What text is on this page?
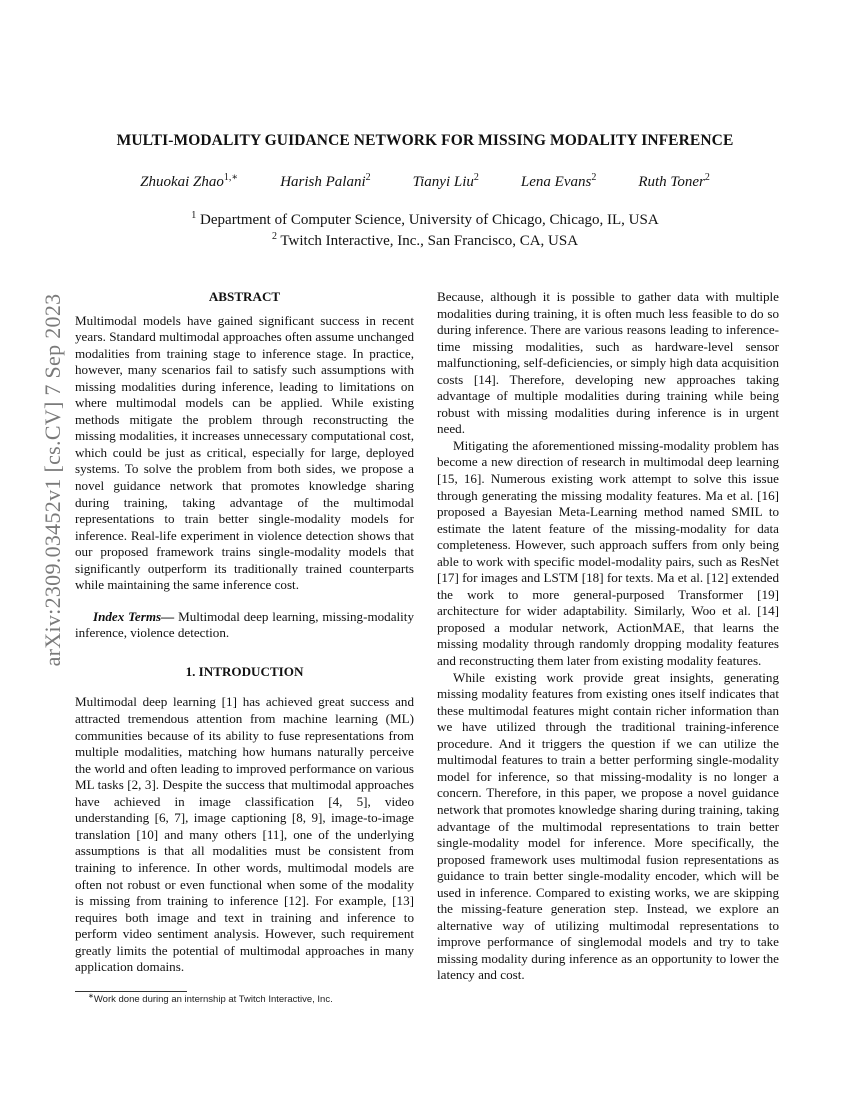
arXiv:2309.03452v1 [cs.CV] 7 Sep 2023
MULTI-MODALITY GUIDANCE NETWORK FOR MISSING MODALITY INFERENCE
Zhuokai Zhao$^{1,∗}$	Harish Palani$^2$	Tianyi Liu$^2$	Lena Evans$^2$	Ruth Toner$^2$
$^1$ Department of Computer Science, University of Chicago, Chicago, IL, USA
$^2$ Twitch Interactive, Inc., San Francisco, CA, USA
ABSTRACT

Multimodal models have gained significant success in recent years. Standard multimodal approaches often assume unchanged modalities from training stage to inference stage. In practice, however, many scenarios fail to satisfy such assumptions with missing modalities during inference, leading to limitations on where multimodal models can be applied. While existing methods mitigate the problem through reconstructing the missing modalities, it increases unnecessary computational cost, which could be just as critical, especially for large, deployed systems. To solve the problem from both sides, we propose a novel guidance network that promotes knowledge sharing during training, taking advantage of the multimodal representations to train better single-modality models for inference. Real-life experiment in violence detection shows that our proposed framework trains single-modality models that significantly outperform its traditionally trained counterparts while maintaining the same inference cost.

Index Terms— Multimodal deep learning, missing-modality inference, violence detection.

1. INTRODUCTION

Multimodal deep learning [1] has achieved great success and attracted tremendous attention from machine learning (ML) communities because of its ability to fuse representations from multiple modalities, matching how humans naturally perceive the world and often leading to improved performance on various ML tasks [2, 3]. Despite the success that multimodal approaches have achieved in image classification [4, 5], video understanding [6, 7], image captioning [8, 9], image-to-image translation [10] and many others [11], one of the underlying assumptions is that all modalities must be consistent from training to inference. In other words, multimodal models are often not robust or even functional when some of the modality is missing from training to inference [12]. For example, [13] requires both image and text in training and inference to perform video sentiment analysis. However, such requirement greatly limits the potential of multimodal approaches in many application domains.

Because, although it is possible to gather data with multiple modalities during training, it is often much less feasible to do so during inference. There are various reasons leading to inference-time missing modalities, such as hardware-level sensor malfunctioning, self-deficiencies, or simply high data acquisition costs [14]. Therefore, developing new approaches taking advantage of multiple modalities during training while being robust with missing modalities during inference is in urgent need.

Mitigating the aforementioned missing-modality problem has become a new direction of research in multimodal deep learning [15, 16]. Numerous existing work attempt to solve this issue through generating the missing modality features. Ma et al. [16] proposed a Bayesian Meta-Learning method named SMIL to estimate the latent feature of the missing-modality for data completeness. However, such approach suffers from only being able to work with specific model-modality pairs, such as ResNet [17] for images and LSTM [18] for texts. Ma et al. [12] extended the work to more general-purposed Transformer [19] architecture for wider adaptability. Similarly, Woo et al. [14] proposed a modular network, ActionMAE, that learns the missing modality through randomly dropping modality features and reconstructing them later from existing modality features.

While existing work provide great insights, generating missing modality features from existing ones itself indicates that these multimodal features might contain richer information than we have utilized through the traditional training-inference procedure. And it triggers the question if we can utilize the multimodal features to train a better performing single-modality model for inference, so that missing-modality is no longer a concern. Therefore, in this paper, we propose a novel guidance network that promotes knowledge sharing during training, taking advantage of the multimodal representations to train better single-modality model for inference. More specifically, the proposed framework uses multimodal fusion representations as guidance to train better single-modality encoder, which will be used in inference. Compared to existing works, we are skipping the missing-feature generation step. Instead, we explore an alternative way of utilizing multimodal representations to improve performance of singlemodal models and try to take missing modality during inference as an opportunity to lower the latency and cost.

∗Work done during an internship at Twitch Interactive, Inc.
